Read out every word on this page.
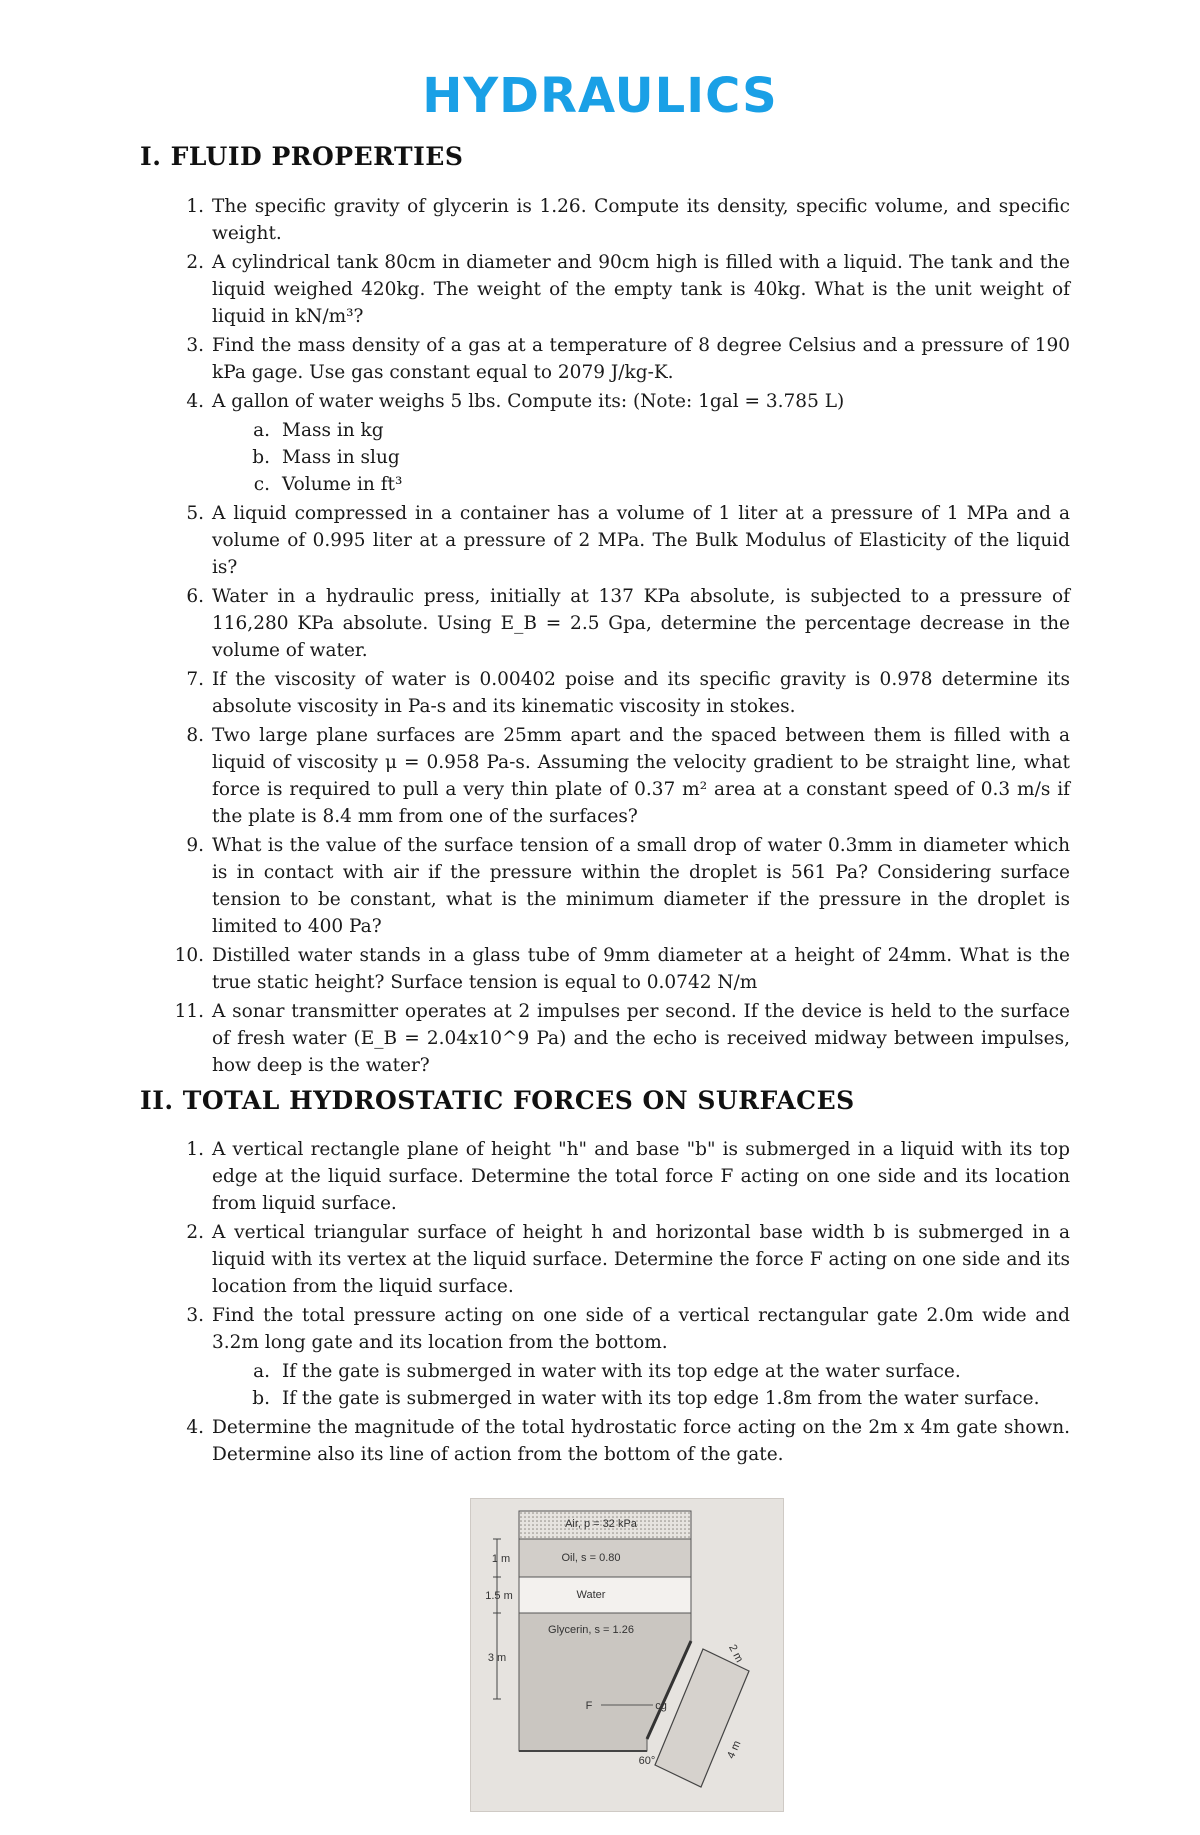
HYDRAULICS
I. FLUID PROPERTIES
1. The specific gravity of glycerin is 1.26. Compute its density, specific volume, and specific weight.
2. A cylindrical tank 80cm in diameter and 90cm high is filled with a liquid. The tank and the liquid weighed 420kg. The weight of the empty tank is 40kg. What is the unit weight of liquid in kN/m³?
3. Find the mass density of a gas at a temperature of 8 degree Celsius and a pressure of 190 kPa gage. Use gas constant equal to 2079 J/kg-K.
4. A gallon of water weighs 5 lbs. Compute its: (Note: 1gal = 3.785 L)
a. Mass in kg
b. Mass in slug
c. Volume in ft³
5. A liquid compressed in a container has a volume of 1 liter at a pressure of 1 MPa and a volume of 0.995 liter at a pressure of 2 MPa. The Bulk Modulus of Elasticity of the liquid is?
6. Water in a hydraulic press, initially at 137 KPa absolute, is subjected to a pressure of 116,280 KPa absolute. Using E_B = 2.5 Gpa, determine the percentage decrease in the volume of water.
7. If the viscosity of water is 0.00402 poise and its specific gravity is 0.978 determine its absolute viscosity in Pa-s and its kinematic viscosity in stokes.
8. Two large plane surfaces are 25mm apart and the spaced between them is filled with a liquid of viscosity μ = 0.958 Pa-s. Assuming the velocity gradient to be straight line, what force is required to pull a very thin plate of 0.37 m² area at a constant speed of 0.3 m/s if the plate is 8.4 mm from one of the surfaces?
9. What is the value of the surface tension of a small drop of water 0.3mm in diameter which is in contact with air if the pressure within the droplet is 561 Pa? Considering surface tension to be constant, what is the minimum diameter if the pressure in the droplet is limited to 400 Pa?
10. Distilled water stands in a glass tube of 9mm diameter at a height of 24mm. What is the true static height? Surface tension is equal to 0.0742 N/m
11. A sonar transmitter operates at 2 impulses per second. If the device is held to the surface of fresh water (E_B = 2.04x10^9 Pa) and the echo is received midway between impulses, how deep is the water?
II. TOTAL HYDROSTATIC FORCES ON SURFACES
1. A vertical rectangle plane of height "h" and base "b" is submerged in a liquid with its top edge at the liquid surface. Determine the total force F acting on one side and its location from liquid surface.
2. A vertical triangular surface of height h and horizontal base width b is submerged in a liquid with its vertex at the liquid surface. Determine the force F acting on one side and its location from the liquid surface.
3. Find the total pressure acting on one side of a vertical rectangular gate 2.0m wide and 3.2m long gate and its location from the bottom.
a. If the gate is submerged in water with its top edge at the water surface.
b. If the gate is submerged in water with its top edge 1.8m from the water surface.
4. Determine the magnitude of the total hydrostatic force acting on the 2m x 4m gate shown. Determine also its line of action from the bottom of the gate.
Air, p = 32 kPa
Oil, s = 0.80
Water
Glycerin, s = 1.26
1 m
1.5 m
3 m
F	cg
60°
2 m
4 m
